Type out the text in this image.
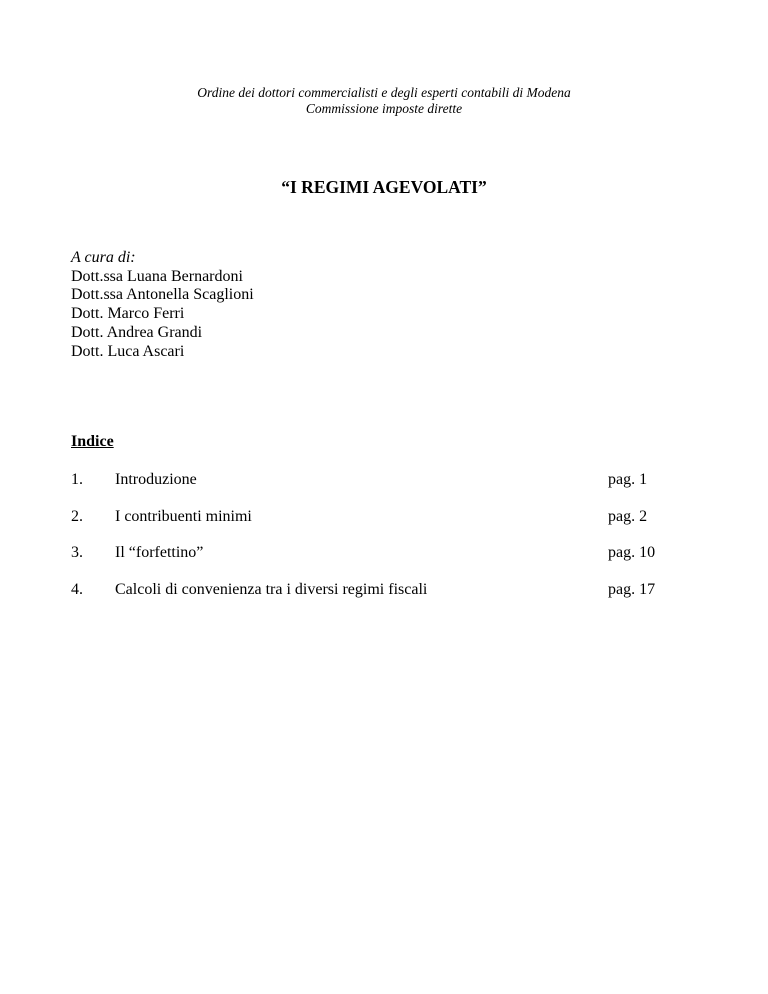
Ordine dei dottori commercialisti e degli esperti contabili di Modena
Commissione imposte dirette
“I REGIMI AGEVOLATI”
A cura di:
Dott.ssa Luana Bernardoni
Dott.ssa Antonella Scaglioni
Dott. Marco Ferri
Dott. Andrea Grandi
Dott. Luca Ascari
Indice
1. Introduzione	pag. 1
2. I contribuenti minimi	pag. 2
3. Il “forfettino”	pag. 10
4. Calcoli di convenienza tra i diversi regimi fiscali	pag. 17
